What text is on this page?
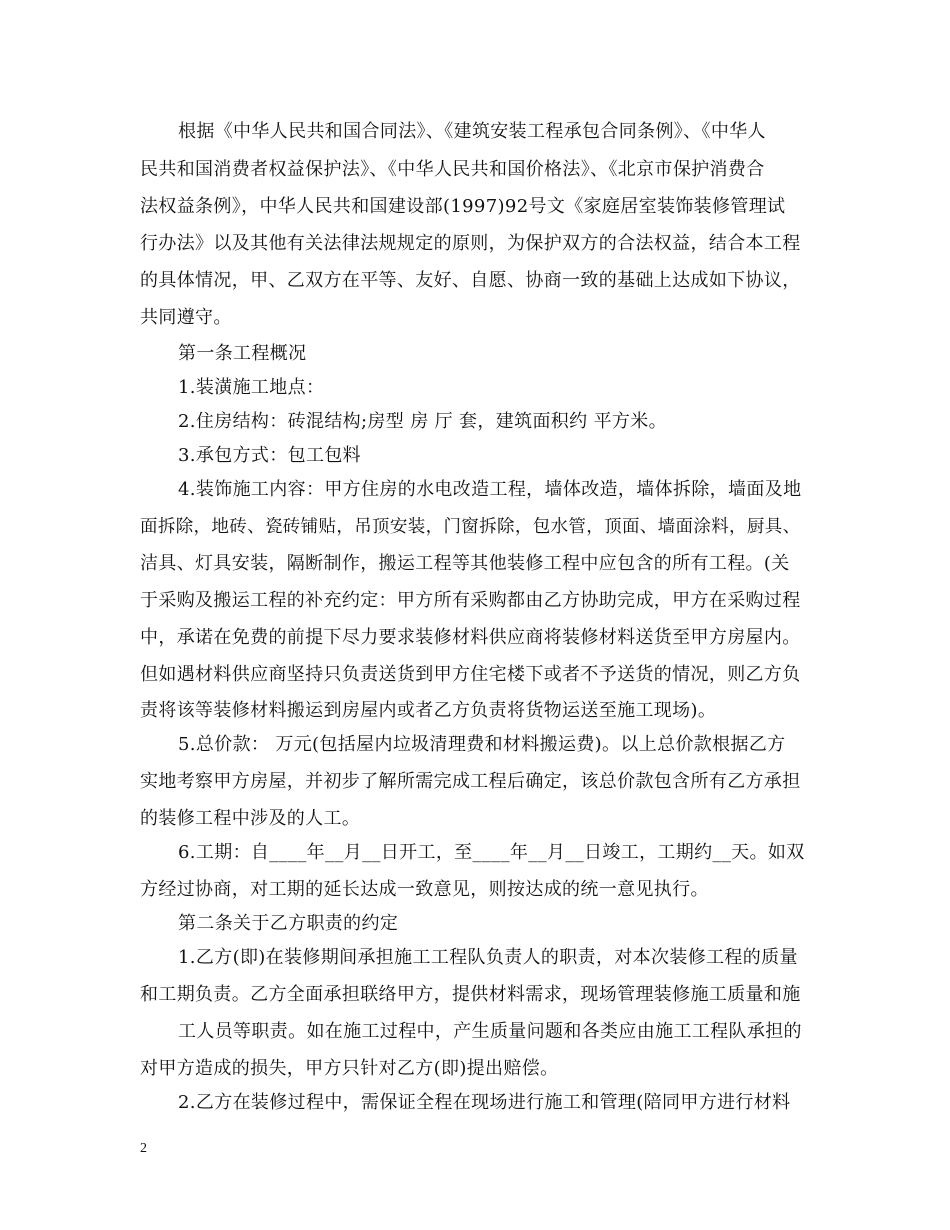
根据《中华人民共和国合同法》、《建筑安装工程承包合同条例》、《中华人
民共和国消费者权益保护法》、《中华人民共和国价格法》、《北京市保护消费合
法权益条例》，中华人民共和国建设部(1997)92号文《家庭居室装饰装修管理试
行办法》以及其他有关法律法规规定的原则，为保护双方的合法权益，结合本工程
的具体情况，甲、乙双方在平等、友好、自愿、协商一致的基础上达成如下协议，
共同遵守。
第一条工程概况
1.装潢施工地点：
2.住房结构：砖混结构;房型 房 厅 套，建筑面积约 平方米。
3.承包方式：包工包料
4.装饰施工内容：甲方住房的水电改造工程，墙体改造，墙体拆除，墙面及地
面拆除，地砖、瓷砖铺贴，吊顶安装，门窗拆除，包水管，顶面、墙面涂料，厨具、
洁具、灯具安装，隔断制作，搬运工程等其他装修工程中应包含的所有工程。(关
于采购及搬运工程的补充约定：甲方所有采购都由乙方协助完成，甲方在采购过程
中，承诺在免费的前提下尽力要求装修材料供应商将装修材料送货至甲方房屋内。
但如遇材料供应商坚持只负责送货到甲方住宅楼下或者不予送货的情况，则乙方负
责将该等装修材料搬运到房屋内或者乙方负责将货物运送至施工现场)。
5.总价款： 万元(包括屋内垃圾清理费和材料搬运费)。以上总价款根据乙方
实地考察甲方房屋，并初步了解所需完成工程后确定，该总价款包含所有乙方承担
的装修工程中涉及的人工。
6.工期：自____年__月__日开工，至____年__月__日竣工，工期约__天。如双
方经过协商，对工期的延长达成一致意见，则按达成的统一意见执行。
第二条关于乙方职责的约定
1.乙方(即)在装修期间承担施工工程队负责人的职责，对本次装修工程的质量
和工期负责。乙方全面承担联络甲方，提供材料需求，现场管理装修施工质量和施
工人员等职责。如在施工过程中，产生质量问题和各类应由施工工程队承担的
对甲方造成的损失，甲方只针对乙方(即)提出赔偿。
2.乙方在装修过程中，需保证全程在现场进行施工和管理(陪同甲方进行材料
2
